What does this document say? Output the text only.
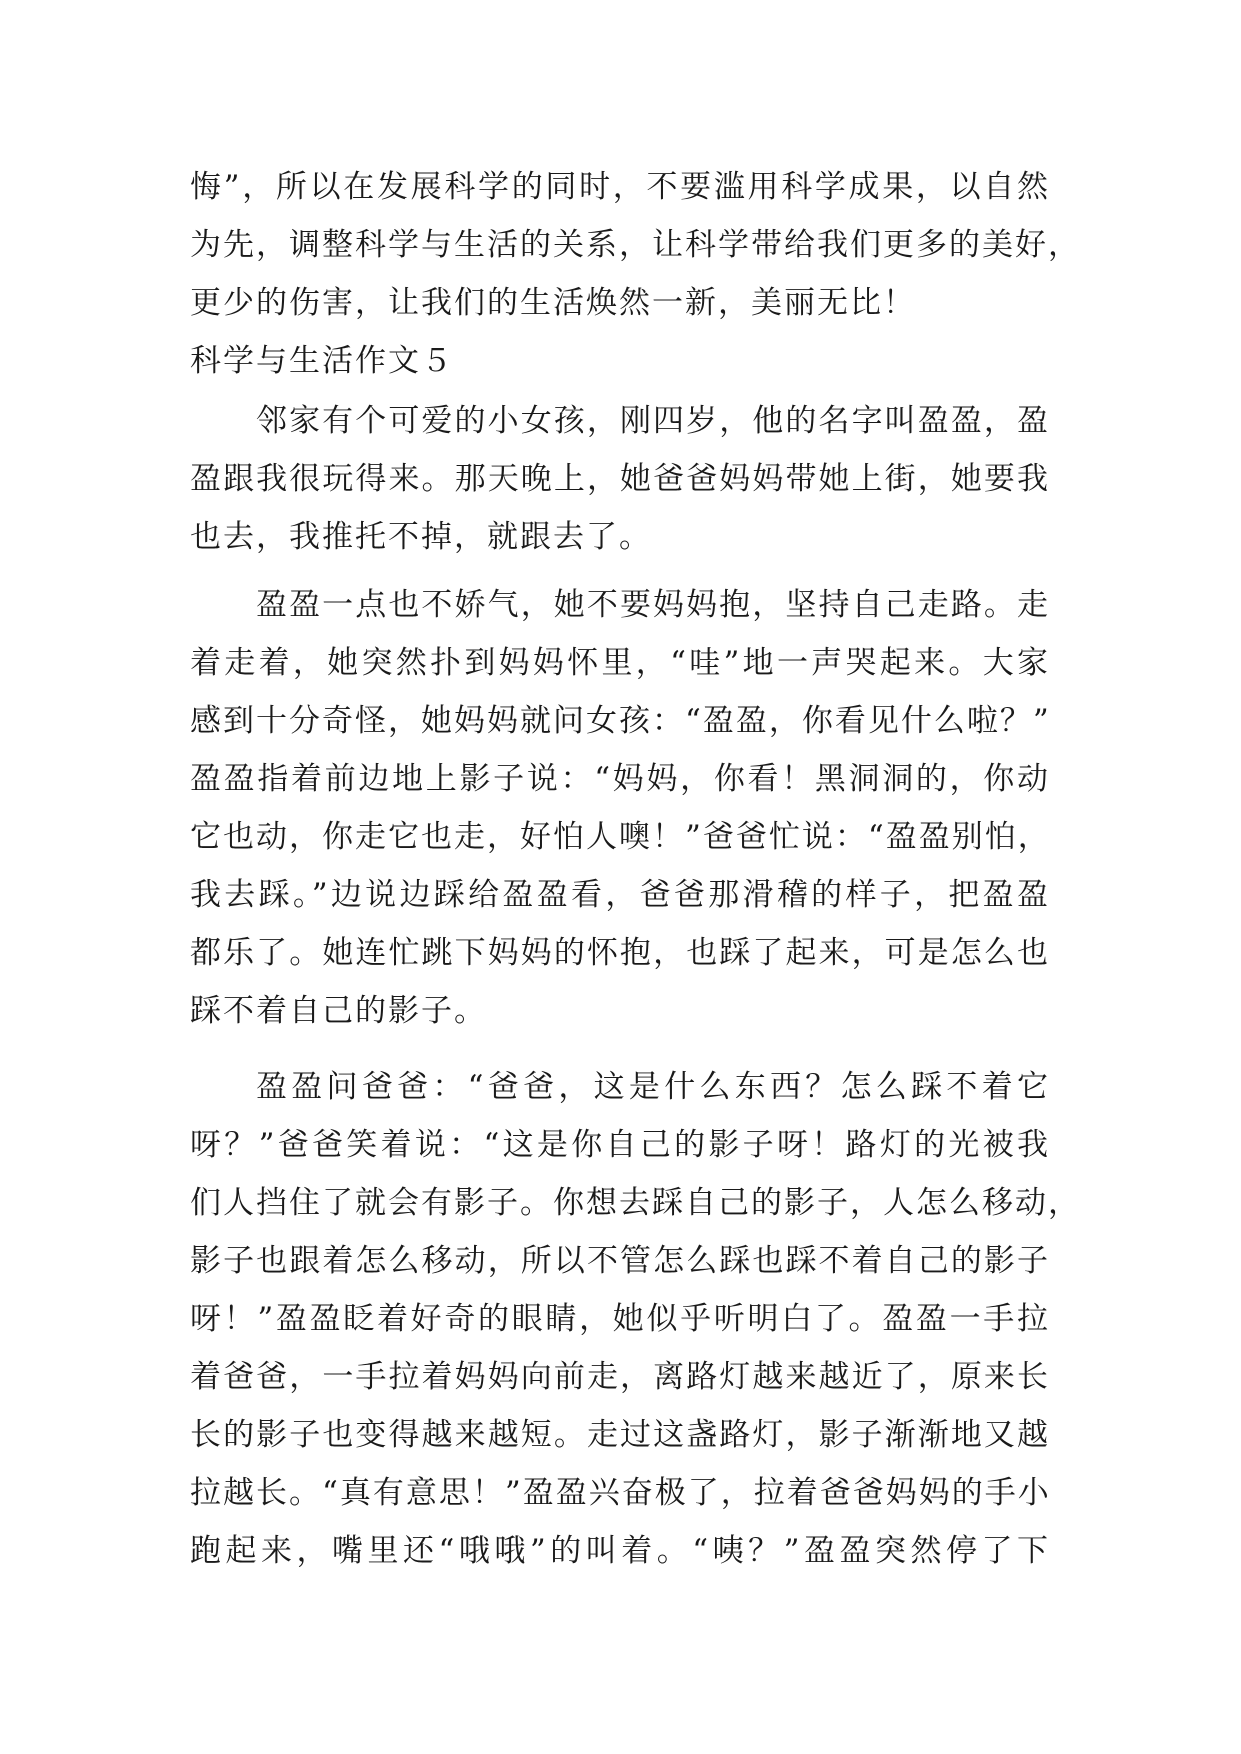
悔”，所以在发展科学的同时，不要滥用科学成果，以自然
为先，调整科学与生活的关系，让科学带给我们更多的美好，
更少的伤害，让我们的生活焕然一新，美丽无比！
科学与生活作文５
邻家有个可爱的小女孩，刚四岁，他的名字叫盈盈，盈
盈跟我很玩得来。那天晚上，她爸爸妈妈带她上街，她要我
也去，我推托不掉，就跟去了。
盈盈一点也不娇气，她不要妈妈抱，坚持自己走路。走
着走着，她突然扑到妈妈怀里，“哇”地一声哭起来。大家
感到十分奇怪，她妈妈就问女孩：“盈盈，你看见什么啦？”
盈盈指着前边地上影子说：“妈妈，你看！黑洞洞的，你动
它也动，你走它也走，好怕人噢！”爸爸忙说：“盈盈别怕，
我去踩。”边说边踩给盈盈看，爸爸那滑稽的样子，把盈盈
都乐了。她连忙跳下妈妈的怀抱，也踩了起来，可是怎么也
踩不着自己的影子。
盈盈问爸爸：“爸爸，这是什么东西？怎么踩不着它
呀？”爸爸笑着说：“这是你自己的影子呀！路灯的光被我
们人挡住了就会有影子。你想去踩自己的影子，人怎么移动，
影子也跟着怎么移动，所以不管怎么踩也踩不着自己的影子
呀！”盈盈眨着好奇的眼睛，她似乎听明白了。盈盈一手拉
着爸爸，一手拉着妈妈向前走，离路灯越来越近了，原来长
长的影子也变得越来越短。走过这盏路灯，影子渐渐地又越
拉越长。“真有意思！”盈盈兴奋极了，拉着爸爸妈妈的手小
跑起来，嘴里还“哦哦”的叫着。“咦？”盈盈突然停了下
